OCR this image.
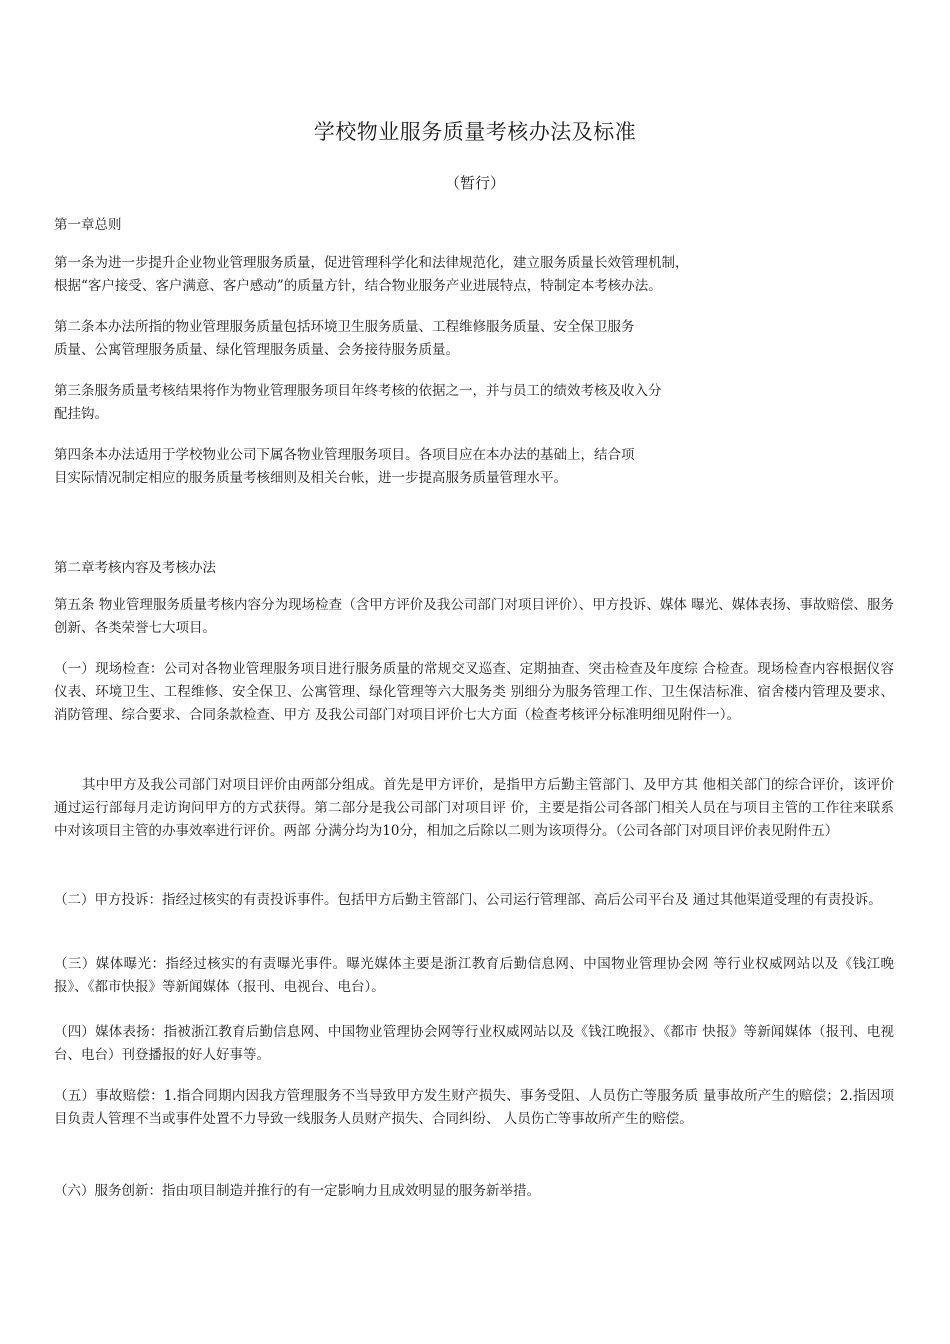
学校物业服务质量考核办法及标准
（暂行）
第一章总则
第一条为进一步提升企业物业管理服务质量，促进管理科学化和法律规范化，建立服务质量长效管理机制，
根据“客户接受、客户满意、客户感动”的质量方针，结合物业服务产业进展特点，特制定本考核办法。
第二条本办法所指的物业管理服务质量包括环境卫生服务质量、工程维修服务质量、安全保卫服务
质量、公寓管理服务质量、绿化管理服务质量、会务接待服务质量。
第三条服务质量考核结果将作为物业管理服务项目年终考核的依据之一，并与员工的绩效考核及收入分
配挂钩。
第四条本办法适用于学校物业公司下属各物业管理服务项目。各项目应在本办法的基础上，结合项
目实际情况制定相应的服务质量考核细则及相关台帐，进一步提高服务质量管理水平。
第二章考核内容及考核办法
第五条 物业管理服务质量考核内容分为现场检查（含甲方评价及我公司部门对项目评价）、甲方投诉、媒体 曝光、媒体表扬、事故赔偿、服务创新、各类荣誉七大项目。
（一）现场检查：公司对各物业管理服务项目进行服务质量的常规交叉巡查、定期抽查、突击检查及年度综 合检查。现场检查内容根据仪容仪表、环境卫生、工程维修、安全保卫、公寓管理、绿化管理等六大服务类 别细分为服务管理工作、卫生保洁标准、宿舍楼内管理及要求、消防管理、综合要求、合同条款检查、甲方 及我公司部门对项目评价七大方面（检查考核评分标准明细见附件一）。
其中甲方及我公司部门对项目评价由两部分组成。首先是甲方评价，是指甲方后勤主管部门、及甲方其 他相关部门的综合评价，该评价通过运行部每月走访询问甲方的方式获得。第二部分是我公司部门对项目评 价，主要是指公司各部门相关人员在与项目主管的工作往来联系中对该项目主管的办事效率进行评价。两部 分满分均为10分，相加之后除以二则为该项得分。（公司各部门对项目评价表见附件五）
（二）甲方投诉：指经过核实的有责投诉事件。包括甲方后勤主管部门、公司运行管理部、高后公司平台及 通过其他渠道受理的有责投诉。
（三）媒体曝光：指经过核实的有责曝光事件。曝光媒体主要是浙江教育后勤信息网、中国物业管理协会网 等行业权威网站以及《钱江晚报》、《都市快报》等新闻媒体（报刊、电视台、电台）。
（四）媒体表扬：指被浙江教育后勤信息网、中国物业管理协会网等行业权威网站以及《钱江晚报》、《都市 快报》等新闻媒体（报刊、电视台、电台）刊登播报的好人好事等。
（五）事故赔偿：1.指合同期内因我方管理服务不当导致甲方发生财产损失、事务受阻、人员伤亡等服务质 量事故所产生的赔偿；2.指因项目负责人管理不当或事件处置不力导致一线服务人员财产损失、合同纠纷、 人员伤亡等事故所产生的赔偿。
（六）服务创新：指由项目制造并推行的有一定影响力且成效明显的服务新举措。
